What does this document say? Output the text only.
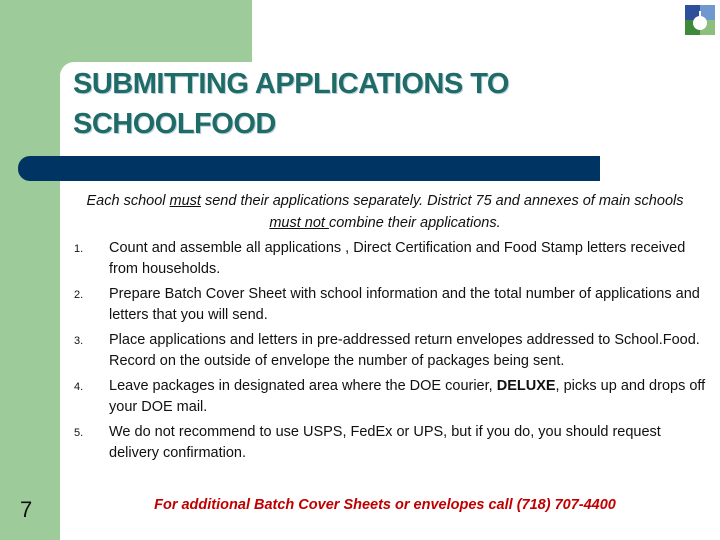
SUBMITTING APPLICATIONS TO SCHOOLFOOD
Each school must send their applications separately. District 75 and annexes of main schools must not combine their applications.
1. Count and assemble all applications , Direct Certification and Food Stamp letters received from households.
2. Prepare Batch Cover Sheet with school information and the total number of applications and letters that you will send.
3. Place applications and letters in pre-addressed return envelopes addressed to School.Food. Record on the outside of envelope the number of packages being sent.
4. Leave packages in designated area where the DOE courier, DELUXE, picks up and drops off your DOE mail.
5. We do not recommend to use USPS, FedEx or UPS, but if you do, you should request delivery confirmation.
For additional Batch Cover Sheets or envelopes call (718) 707-4400
7
